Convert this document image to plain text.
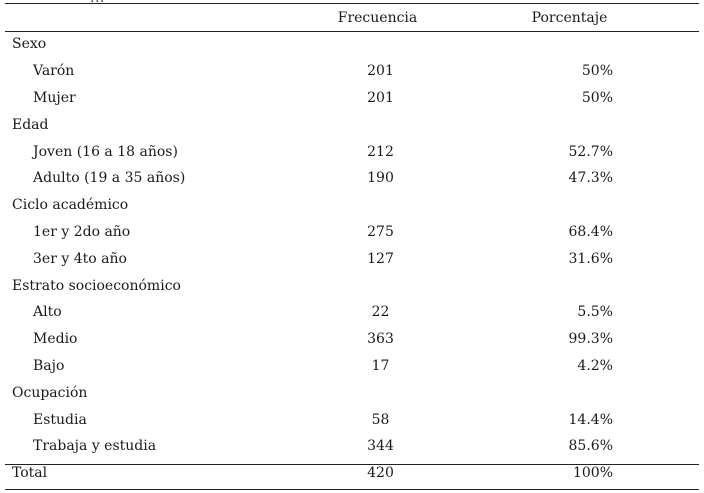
	Frecuencia	Porcentaje
Sexo		
Varón	201	50%
Mujer	201	50%
Edad		
Joven (16 a 18 años)	212	52.7%
Adulto (19 a 35 años)	190	47.3%
Ciclo académico		
1er y 2do año	275	68.4%
3er y 4to año	127	31.6%
Estrato socioeconómico		
Alto	22	5.5%
Medio	363	99.3%
Bajo	17	4.2%
Ocupación		
Estudia	58	14.4%
Trabaja y estudia	344	85.6%
Total	420	100%
